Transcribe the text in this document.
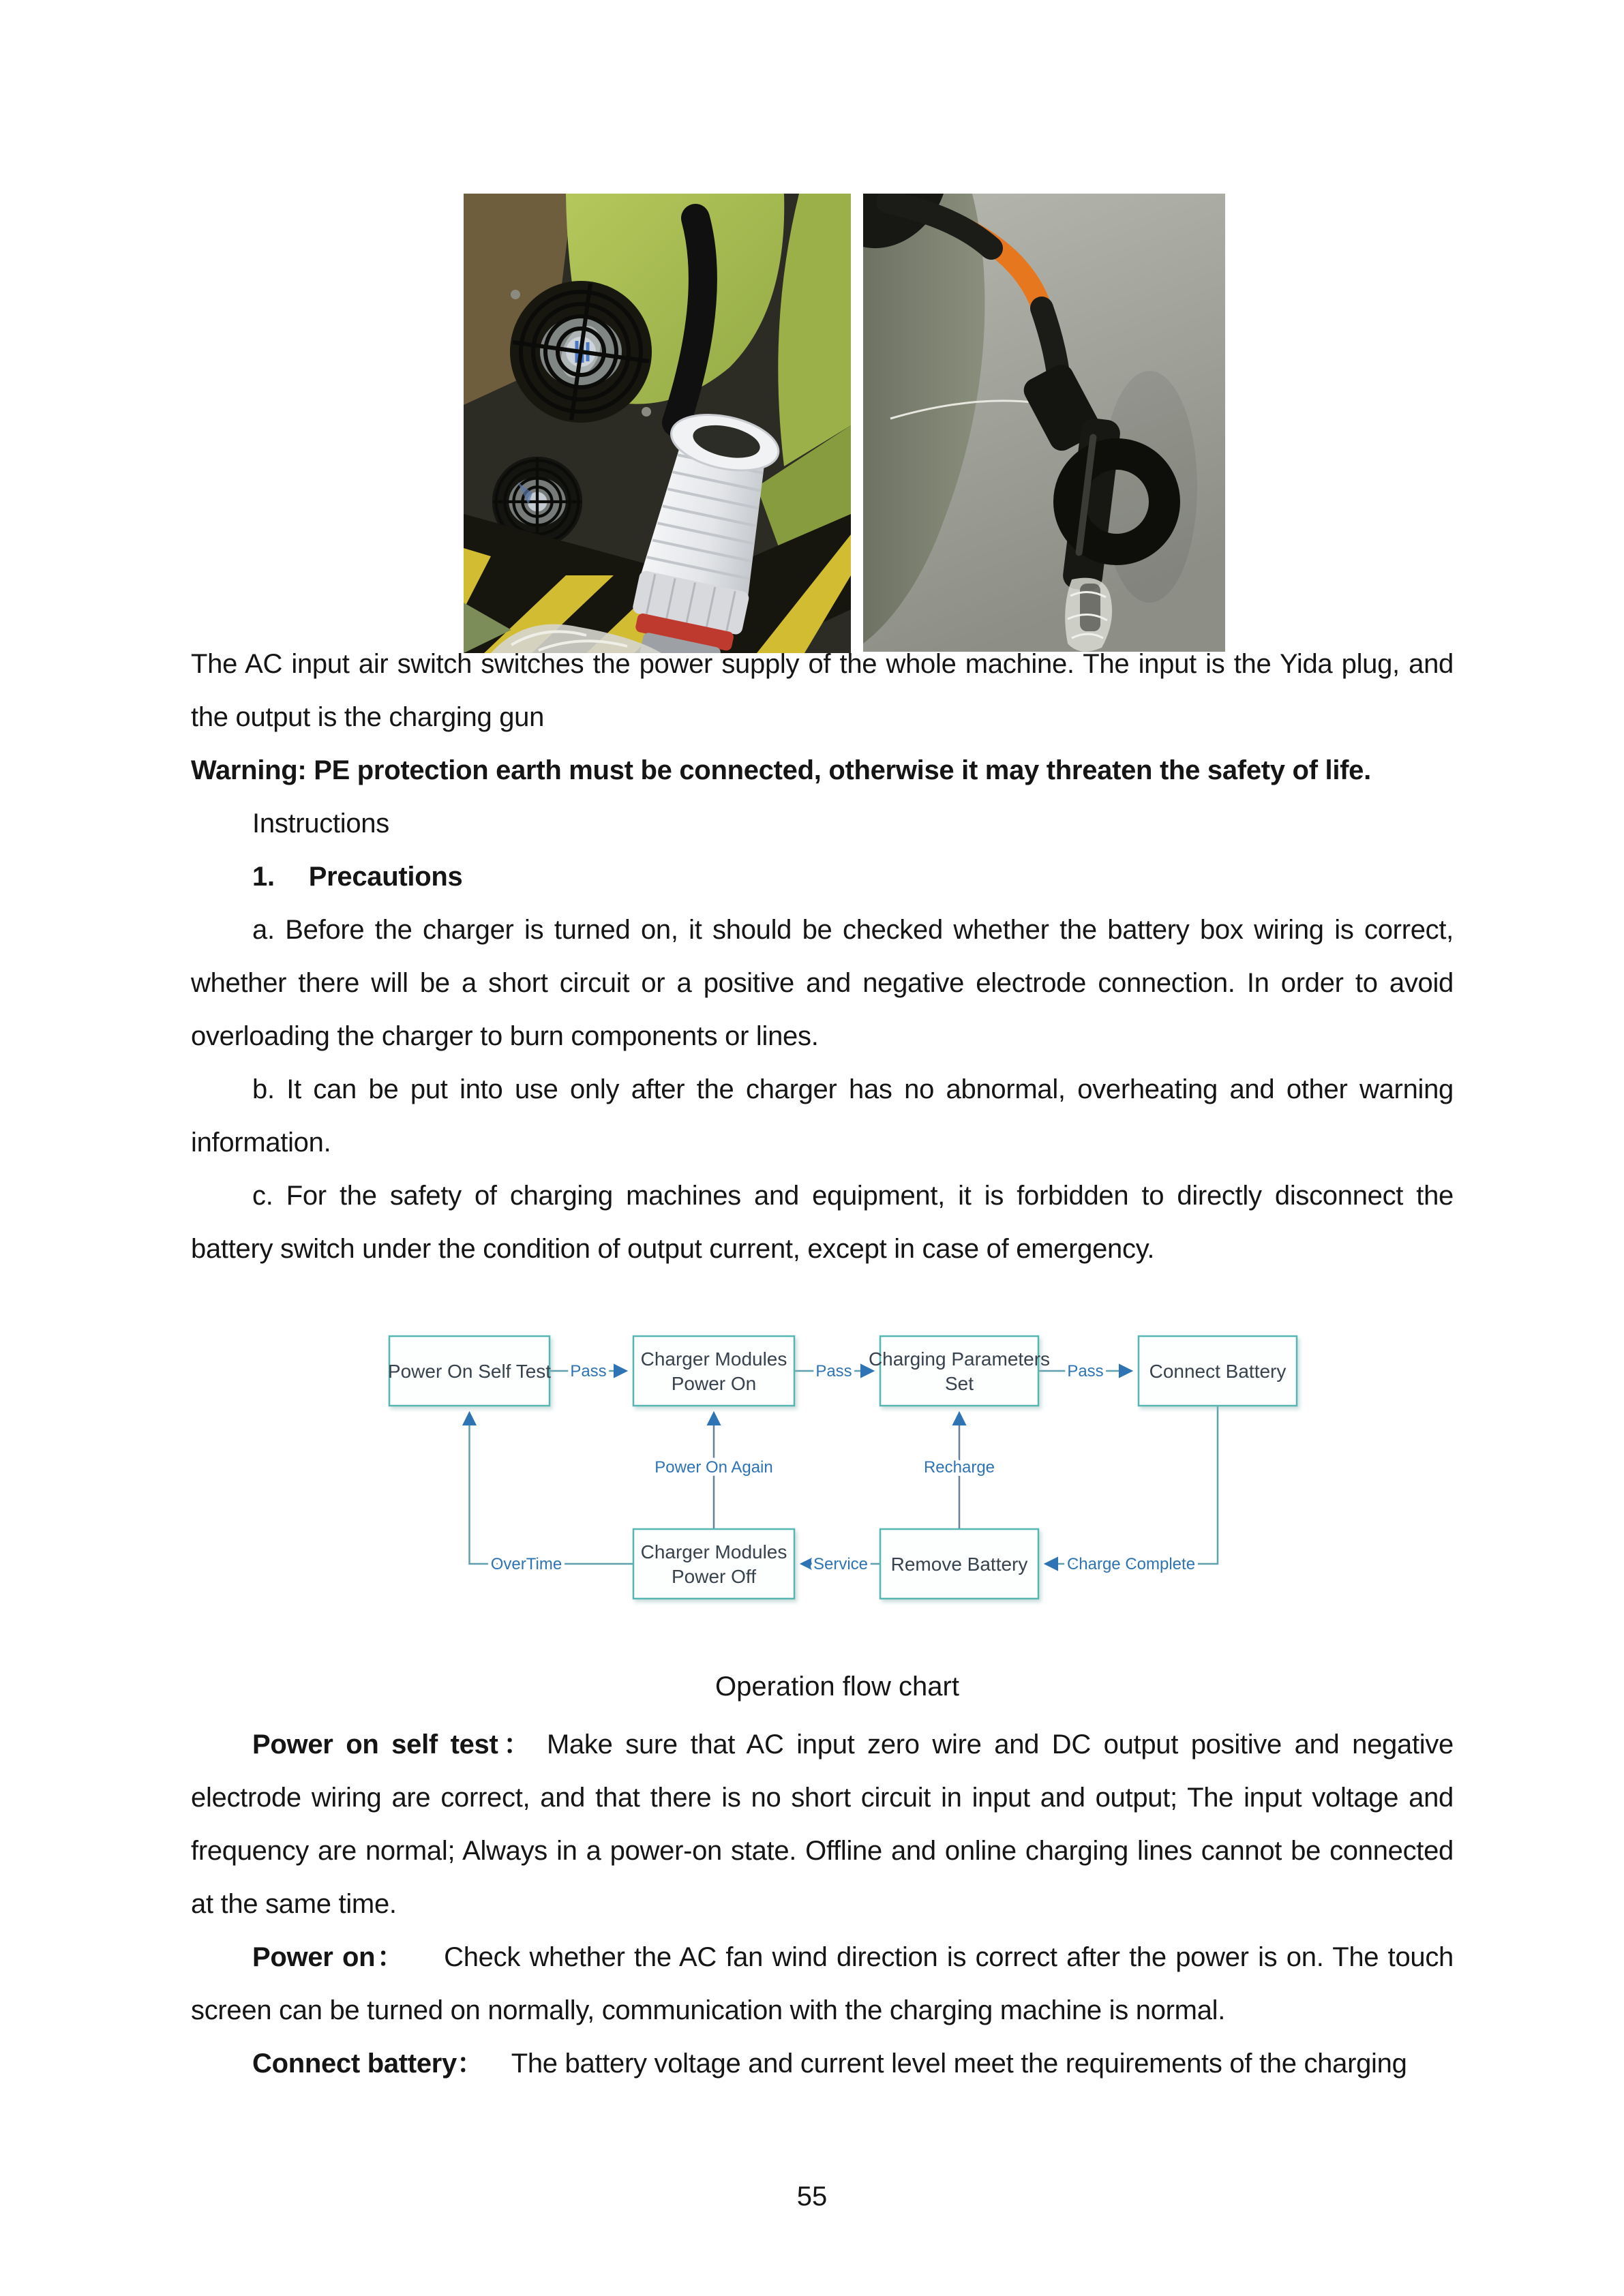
The AC input air switch switches the power supply of the whole machine. The input is the Yida plug, and the output is the charging gun

Warning: PE protection earth must be connected, otherwise it may threaten the safety of life.

Instructions

1. Precautions

a. Before the charger is turned on, it should be checked whether the battery box wiring is correct, whether there will be a short circuit or a positive and negative electrode connection. In order to avoid overloading the charger to burn components or lines.

b. It can be put into use only after the charger has no abnormal, overheating and other warning information.

c. For the safety of charging machines and equipment, it is forbidden to directly disconnect the battery switch under the condition of output current, except in case of emergency.

Power On Self Test
Charger Modules Power On
Charging Parameters Set
Connect Battery
Charger Modules Power Off
Remove Battery
Pass	Pass	Pass
Power On Again	Recharge
OverTime	Service	Charge Complete
Operation flow chart

Power on self test： Make sure that AC input zero wire and DC output positive and negative electrode wiring are correct, and that there is no short circuit in input and output; The input voltage and frequency are normal; Always in a power-on state. Offline and online charging lines cannot be connected at the same time.

Power on： Check whether the AC fan wind direction is correct after the power is on. The touch screen can be turned on normally, communication with the charging machine is normal.

Connect battery： The battery voltage and current level meet the requirements of the charging

55
